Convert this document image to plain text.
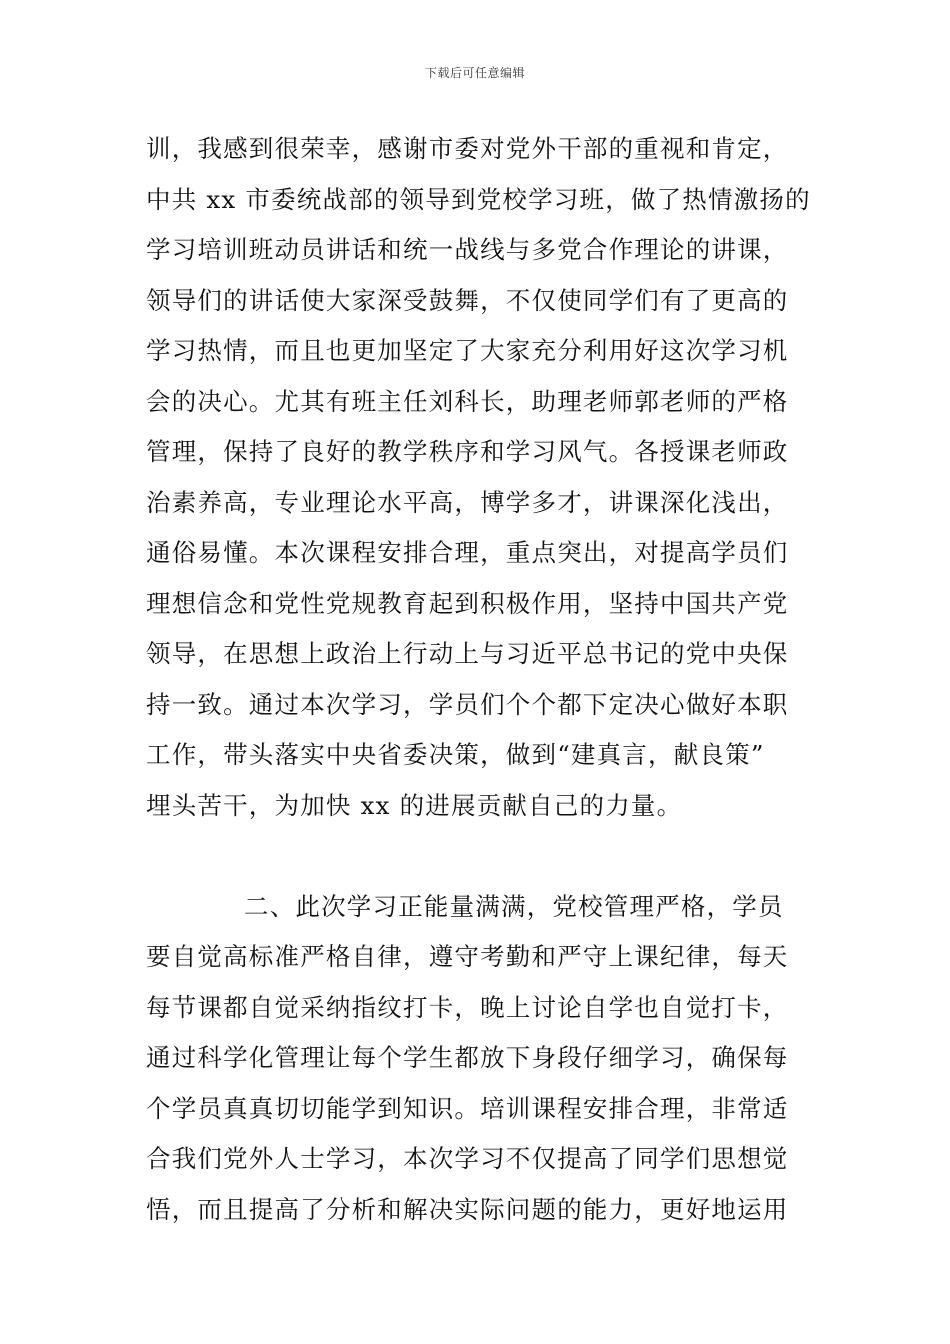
下载后可任意编辑
训，我感到很荣幸，感谢市委对党外干部的重视和肯定，
中共 xx 市委统战部的领导到党校学习班，做了热情激扬的
学习培训班动员讲话和统一战线与多党合作理论的讲课，
领导们的讲话使大家深受鼓舞，不仅使同学们有了更高的
学习热情，而且也更加坚定了大家充分利用好这次学习机
会的决心。尤其有班主任刘科长，助理老师郭老师的严格
管理，保持了良好的教学秩序和学习风气。各授课老师政
治素养高，专业理论水平高，博学多才，讲课深化浅出，
通俗易懂。本次课程安排合理，重点突出，对提高学员们
理想信念和党性党规教育起到积极作用，坚持中国共产党
领导，在思想上政治上行动上与习近平总书记的党中央保
持一致。通过本次学习，学员们个个都下定决心做好本职
工作，带头落实中央省委决策，做到“建真言，献良策”
埋头苦干，为加快 xx 的进展贡献自己的力量。
二、此次学习正能量满满，党校管理严格，学员
要自觉高标准严格自律，遵守考勤和严守上课纪律，每天
每节课都自觉采纳指纹打卡，晚上讨论自学也自觉打卡，
通过科学化管理让每个学生都放下身段仔细学习，确保每
个学员真真切切能学到知识。培训课程安排合理，非常适
合我们党外人士学习，本次学习不仅提高了同学们思想觉
悟，而且提高了分析和解决实际问题的能力，更好地运用
